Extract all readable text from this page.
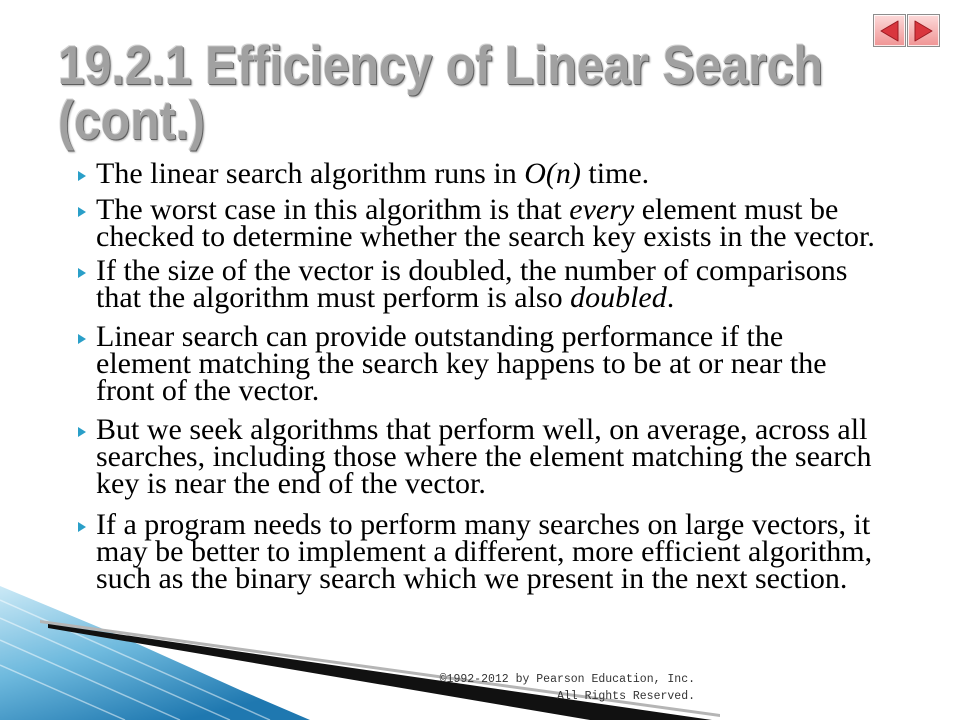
19.2.1 Efficiency of Linear Search (cont.)
The linear search algorithm runs in O(n) time.
The worst case in this algorithm is that every element must be
checked to determine whether the search key exists in the vector.
If the size of the vector is doubled, the number of comparisons
that the algorithm must perform is also doubled.
Linear search can provide outstanding performance if the
element matching the search key happens to be at or near the
front of the vector.
But we seek algorithms that perform well, on average, across all
searches, including those where the element matching the search
key is near the end of the vector.
If a program needs to perform many searches on large vectors, it
may be better to implement a different, more efficient algorithm,
such as the binary search which we present in the next section.
©1992-2012 by Pearson Education, Inc.
All Rights Reserved.
